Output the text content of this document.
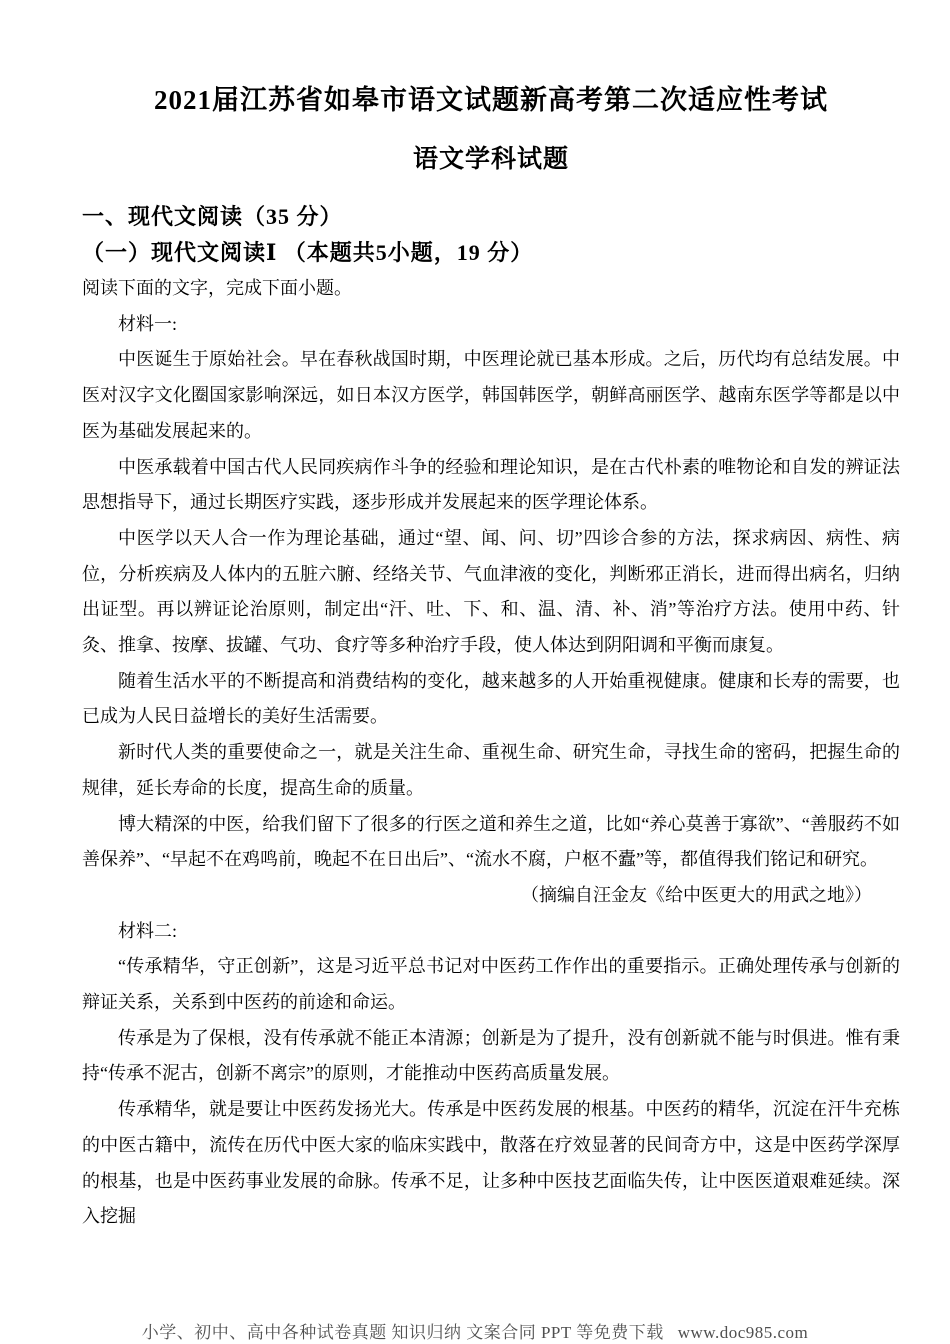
2021届江苏省如皋市语文试题新高考第二次适应性考试
语文学科试题
一、现代文阅读（35 分）
（一）现代文阅读Ⅰ （本题共5小题，19 分）
阅读下面的文字，完成下面小题。

材料一:

中医诞生于原始社会。早在春秋战国时期，中医理论就已基本形成。之后，历代均有总结发展。中医对汉字文化圈国家影响深远，如日本汉方医学，韩国韩医学，朝鲜高丽医学、越南东医学等都是以中医为基础发展起来的。

中医承载着中国古代人民同疾病作斗争的经验和理论知识，是在古代朴素的唯物论和自发的辨证法思想指导下，通过长期医疗实践，逐步形成并发展起来的医学理论体系。

中医学以天人合一作为理论基础，通过“望、闻、问、切”四诊合参的方法，探求病因、病性、病位，分析疾病及人体内的五脏六腑、经络关节、气血津液的变化，判断邪正消长，进而得出病名，归纳出证型。再以辨证论治原则，制定出“汗、吐、下、和、温、清、补、消”等治疗方法。使用中药、针灸、推拿、按摩、拔罐、气功、食疗等多种治疗手段，使人体达到阴阳调和平衡而康复。

随着生活水平的不断提高和消费结构的变化，越来越多的人开始重视健康。健康和长寿的需要，也已成为人民日益增长的美好生活需要。

新时代人类的重要使命之一，就是关注生命、重视生命、研究生命，寻找生命的密码，把握生命的规律，延长寿命的长度，提高生命的质量。

博大精深的中医，给我们留下了很多的行医之道和养生之道，比如“养心莫善于寡欲”、“善服药不如善保养”、“早起不在鸡鸣前，晚起不在日出后”、“流水不腐，户枢不蠹”等，都值得我们铭记和研究。

（摘编自汪金友《给中医更大的用武之地》）

材料二:

“传承精华，守正创新”，这是习近平总书记对中医药工作作出的重要指示。正确处理传承与创新的辩证关系，关系到中医药的前途和命运。

传承是为了保根，没有传承就不能正本清源；创新是为了提升，没有创新就不能与时俱进。惟有秉持“传承不泥古，创新不离宗”的原则，才能推动中医药高质量发展。

传承精华，就是要让中医药发扬光大。传承是中医药发展的根基。中医药的精华，沉淀在汗牛充栋的中医古籍中，流传在历代中医大家的临床实践中，散落在疗效显著的民间奇方中，这是中医药学深厚的根基，也是中医药事业发展的命脉。传承不足，让多种中医技艺面临失传，让中医医道艰难延续。深入挖掘

小学、初中、高中各种试卷真题 知识归纳 文案合同 PPT 等免费下载 www.doc985.com
